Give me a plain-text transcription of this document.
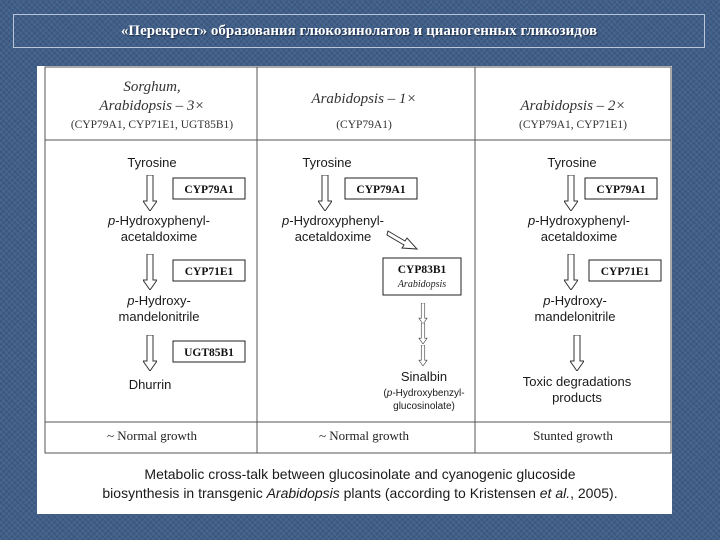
«Перекрест» образования глюкозинолатов и цианогенных гликозидов
Sorghum,
Arabidopsis – 3×
(CYP79A1, CYP71E1, UGT85B1)
Tyrosine
CYP79A1
p-Hydroxyphenyl-
acetaldoxime
CYP71E1
p-Hydroxy-
mandelonitrile
UGT85B1
Dhurrin
~ Normal growth
Arabidopsis – 1×
(CYP79A1)
Tyrosine
CYP79A1
p-Hydroxyphenyl-
acetaldoxime
CYP83B1
Arabidopsis
Sinalbin
(p-Hydroxybenzyl-
glucosinolate)
~ Normal growth
Arabidopsis – 2×
(CYP79A1, CYP71E1)
Tyrosine
CYP79A1
p-Hydroxyphenyl-
acetaldoxime
CYP71E1
p-Hydroxy-
mandelonitrile
Toxic degradations
products
Stunted growth
Metabolic cross-talk between glucosinolate and cyanogenic glucoside
biosynthesis in transgenic Arabidopsis plants (according to Kristensen et al., 2005).
